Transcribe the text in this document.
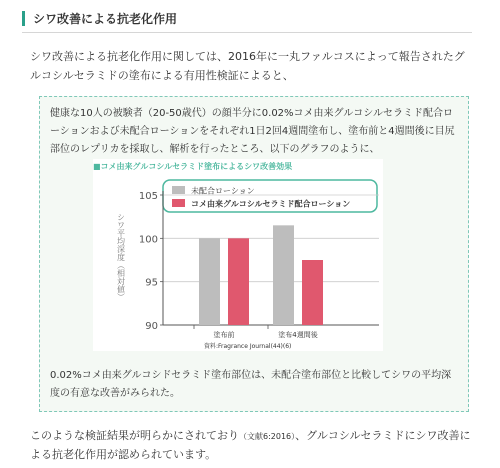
シワ改善による抗老化作用
シワ改善による抗老化作用に関しては、2016年に一丸ファルコスによって報告されたグルコシルセラミドの塗布による有用性検証によると、
健康な10人の被験者（20-50歳代）の顔半分に0.02%コメ由来グルコシルセラミド配合ローションおよび未配合ローションをそれぞれ1日2回4週間塗布し、塗布前と4週間後に目尻部位のレプリカを採取し、解析を行ったところ、以下のグラフのように、
0.02%コメ由来グルコシドセラミド塗布部位は、未配合塗布部位と比較してシワの平均深度の有意な改善がみられた。
■コメ由来グルコシルセラミド塗布によるシワ改善効果
未配合ローション
コメ由来グルコシルセラミド配合ローション
90
95
100
105
シワ平均深度（相対値）
塗布前	塗布4週間後
資料:Fragrance Journal(44)(6)
このような検証結果が明らかにされており（文献6:2016）、グルコシルセラミドにシワ改善による抗老化作用が認められています。
